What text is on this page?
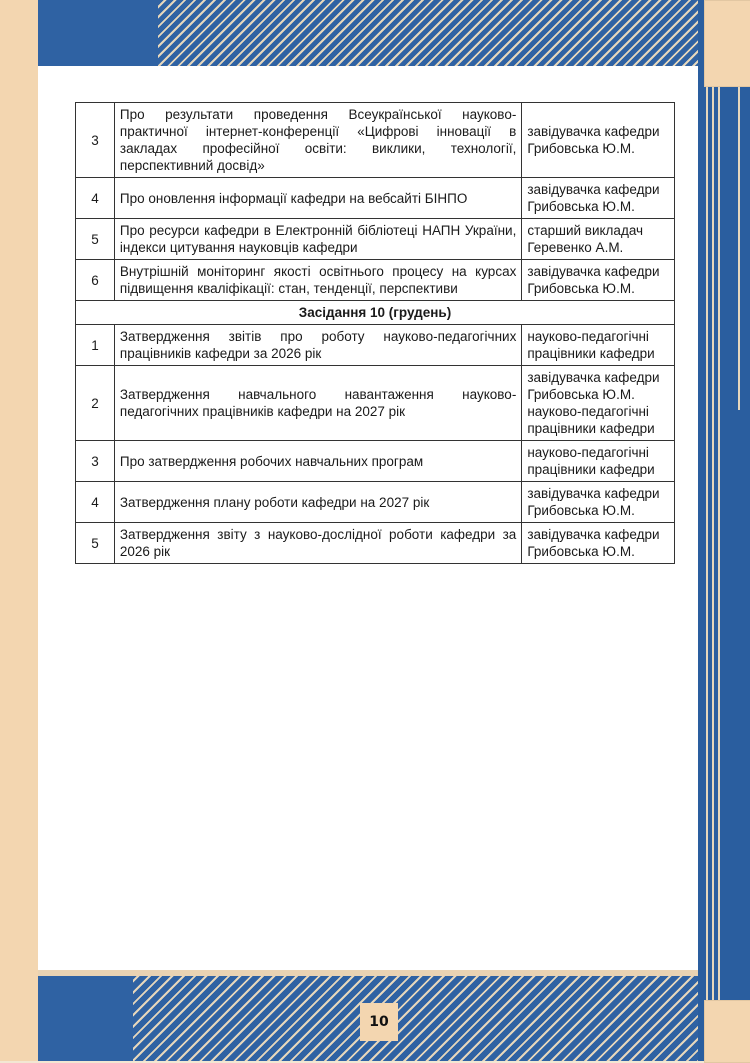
3	Про результати проведення Всеукраїнської науково-практичної інтернет-конференції «Цифрові інновації в закладах професійної освіти: виклики, технології, перспективний досвід»	завідувачка кафедри Грибовська Ю.М.
4	Про оновлення інформації кафедри на вебсайті БІНПО	завідувачка кафедри Грибовська Ю.М.
5	Про ресурси кафедри в Електронній бібліотеці НАПН України, індекси цитування науковців кафедри	старший викладач Геревенко А.М.
6	Внутрішній моніторинг якості освітнього процесу на курсах підвищення кваліфікації: стан, тенденції, перспективи	завідувачка кафедри Грибовська Ю.М.
Засідання 10 (грудень)		
1	Затвердження звітів про роботу науково-педагогічних працівників кафедри за 2026 рік	науково-педагогічні працівники кафедри
2	Затвердження навчального навантаження науково-педагогічних працівників кафедри на 2027 рік	завідувачка кафедри Грибовська Ю.М. науково-педагогічні працівники кафедри
3	Про затвердження робочих навчальних програм	науково-педагогічні працівники кафедри
4	Затвердження плану роботи кафедри на 2027 рік	завідувачка кафедри Грибовська Ю.М.
5	Затвердження звіту з науково-дослідної роботи кафедри за 2026 рік	завідувачка кафедри Грибовська Ю.М.
10
